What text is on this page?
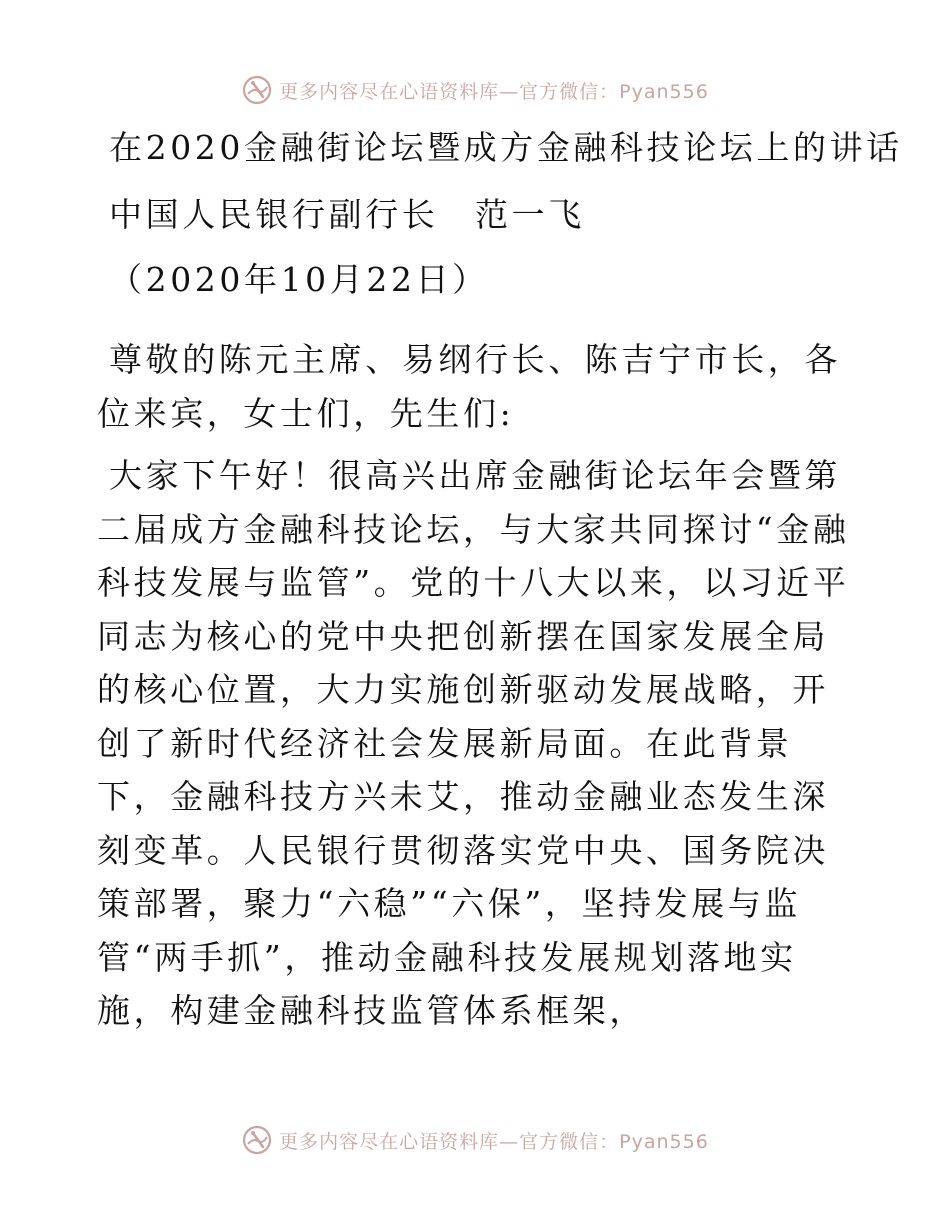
更多内容尽在心语资料库—官方微信：Pyan556
在2020金融街论坛暨成方金融科技论坛上的讲话
中国人民银行副行长　范一飞
（2020年10月22日）

尊敬的陈元主席、易纲行长、陈吉宁市长，各位来宾，女士们，先生们:

大家下午好！很高兴出席金融街论坛年会暨第二届成方金融科技论坛，与大家共同探讨“金融科技发展与监管”。党的十八大以来，以习近平同志为核心的党中央把创新摆在国家发展全局的核心位置，大力实施创新驱动发展战略，开创了新时代经济社会发展新局面。在此背景下，金融科技方兴未艾，推动金融业态发生深刻变革。人民银行贯彻落实党中央、国务院决策部署，聚力“六稳”“六保”，坚持发展与监管“两手抓”，推动金融科技发展规划落地实施，构建金融科技监管体系框架，

更多内容尽在心语资料库—官方微信：Pyan556
